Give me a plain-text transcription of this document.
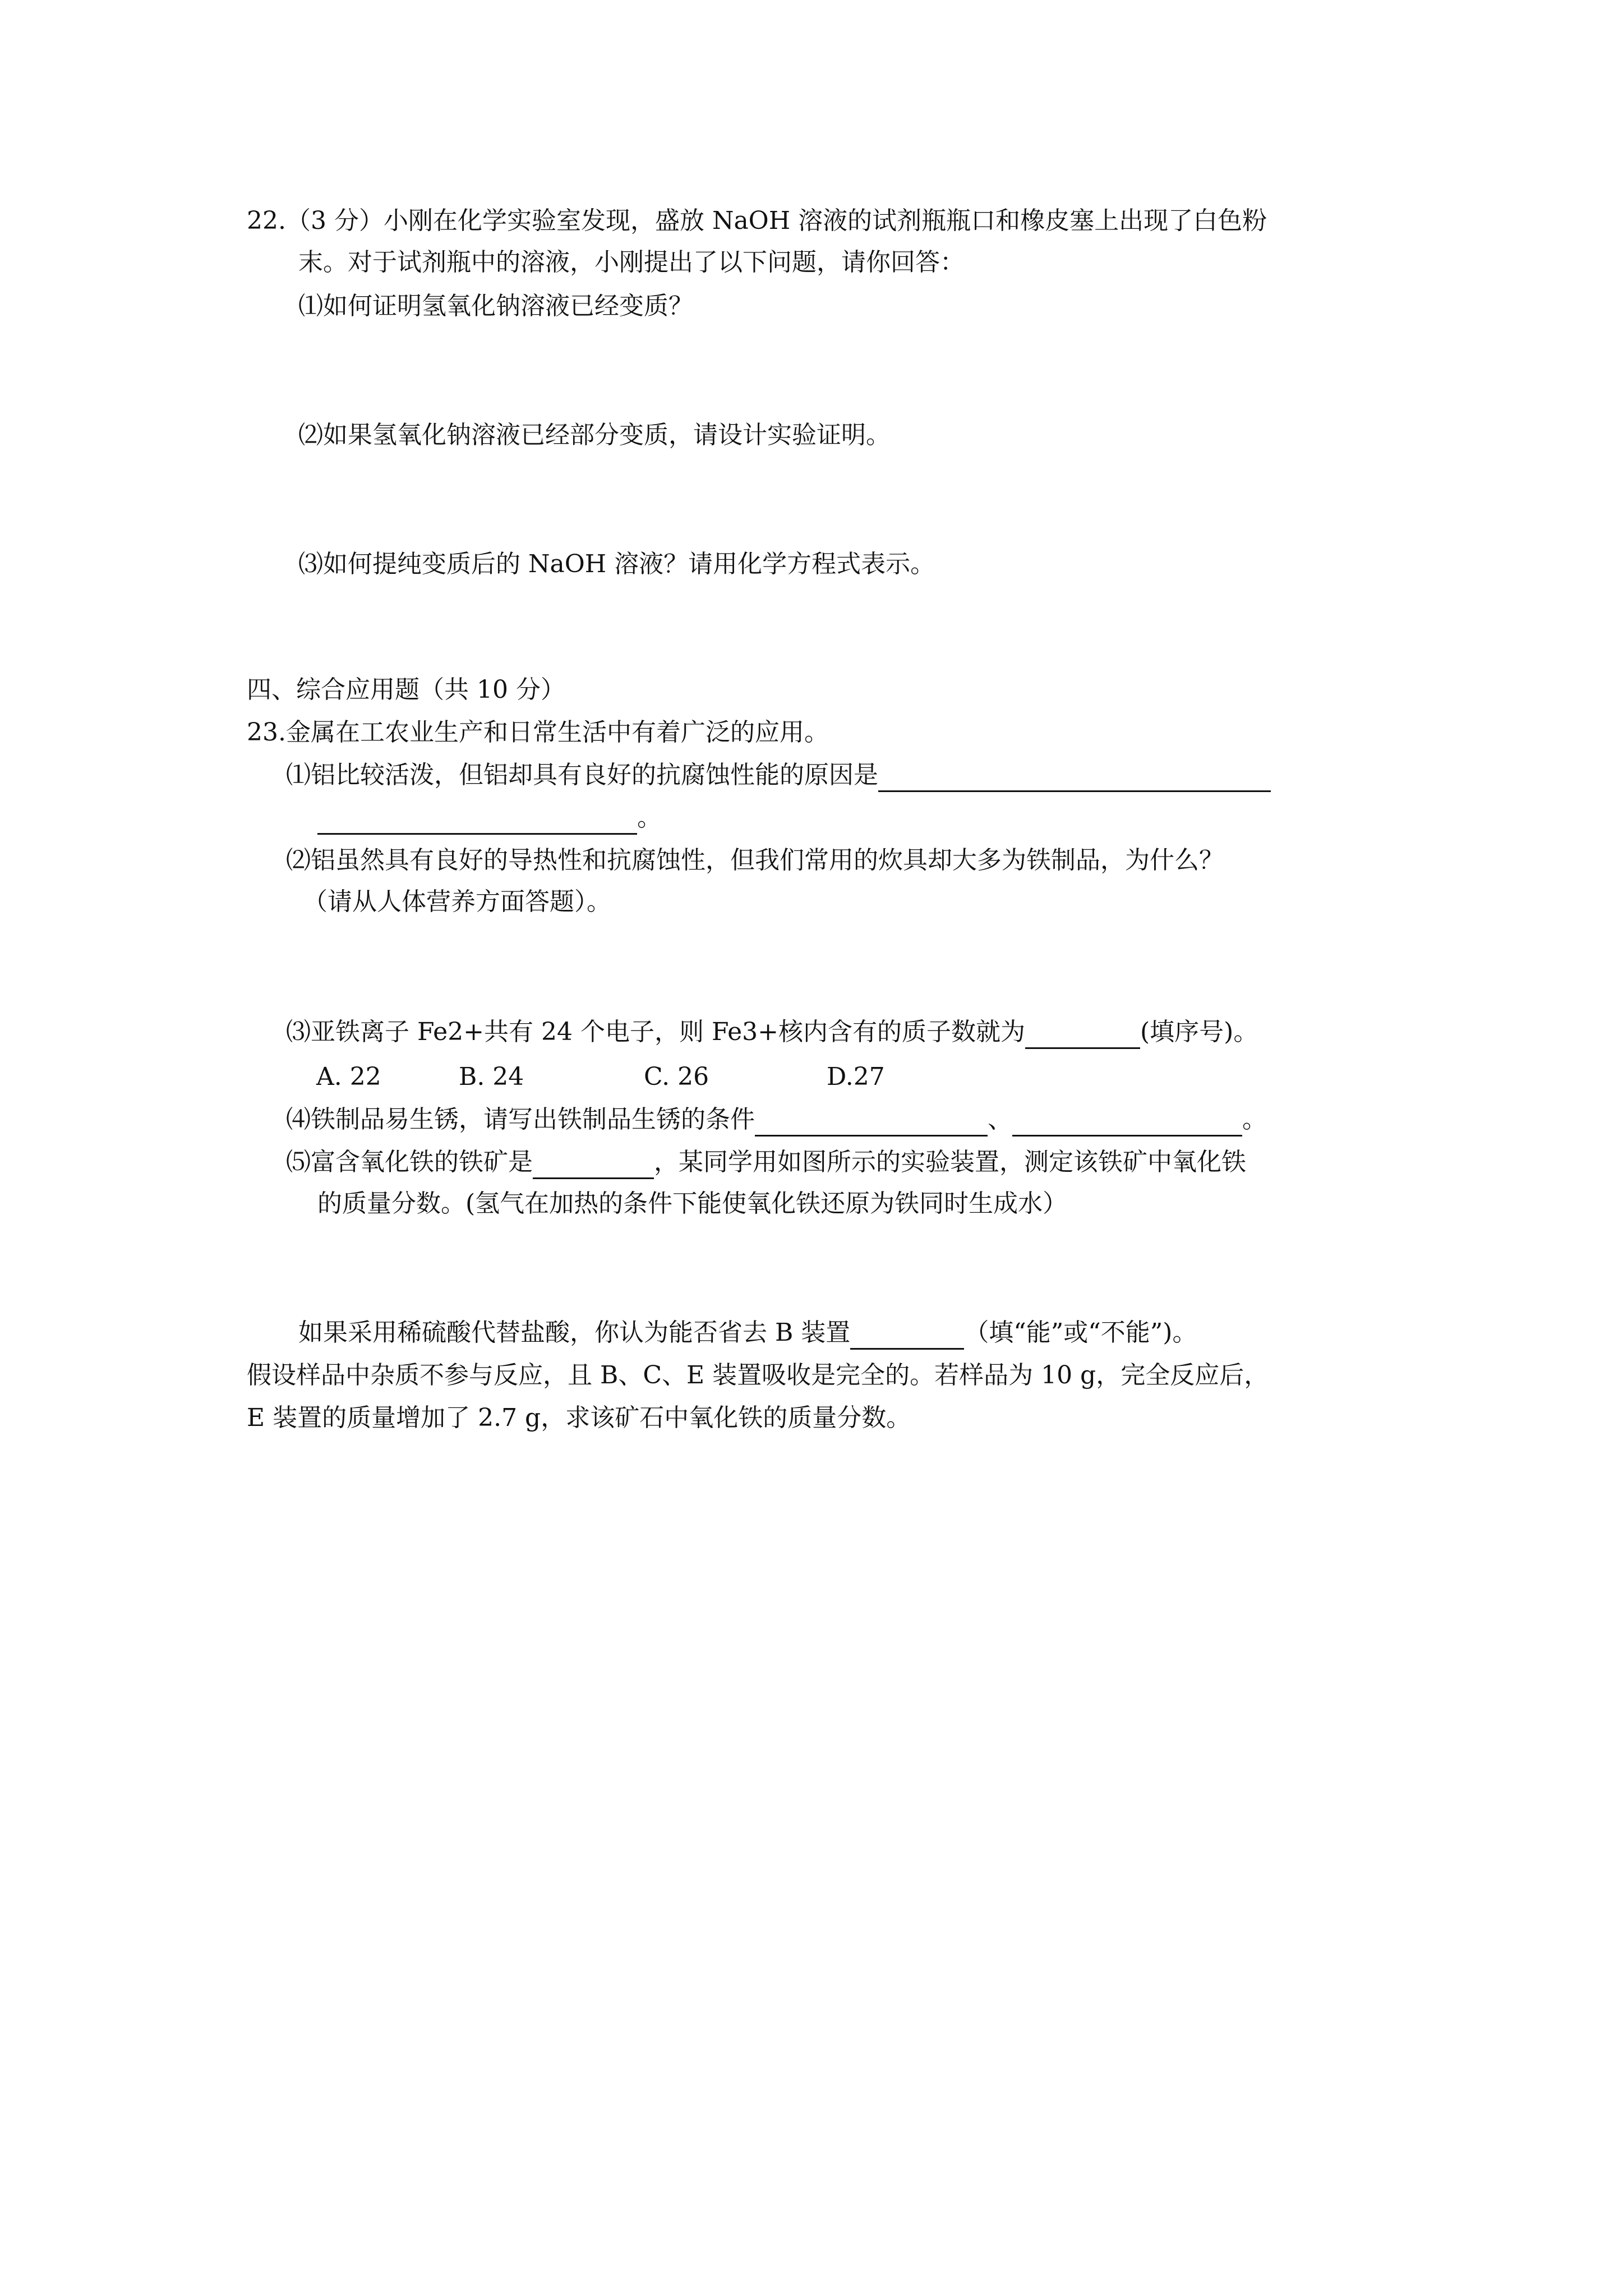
22.（3 分）小刚在化学实验室发现，盛放 NaOH 溶液的试剂瓶瓶口和橡皮塞上出现了白色粉
末。对于试剂瓶中的溶液，小刚提出了以下问题，请你回答：
⑴如何证明氢氧化钠溶液已经变质？
⑵如果氢氧化钠溶液已经部分变质，请设计实验证明。
⑶如何提纯变质后的 NaOH 溶液？请用化学方程式表示。
四、综合应用题（共 10 分）
23.金属在工农业生产和日常生活中有着广泛的应用。
⑴铝比较活泼，但铝却具有良好的抗腐蚀性能的原因是
。
⑵铝虽然具有良好的导热性和抗腐蚀性，但我们常用的炊具却大多为铁制品，为什么？
（请从人体营养方面答题）。
⑶亚铁离子 Fe2+共有 24 个电子，则 Fe3+核内含有的质子数就为	(填序号)。
A. 22	B. 24	C. 26	D.27
⑷铁制品易生锈，请写出铁制品生锈的条件	、	。
⑸富含氧化铁的铁矿是	，某同学用如图所示的实验装置，测定该铁矿中氧化铁
的质量分数。(氢气在加热的条件下能使氧化铁还原为铁同时生成水）
如果采用稀硫酸代替盐酸，你认为能否省去 B 装置	（填“能”或“不能”)。
假设样品中杂质不参与反应，且 B、C、E 装置吸收是完全的。若样品为 10 g，完全反应后，
E 装置的质量增加了 2.7 g，求该矿石中氧化铁的质量分数。
